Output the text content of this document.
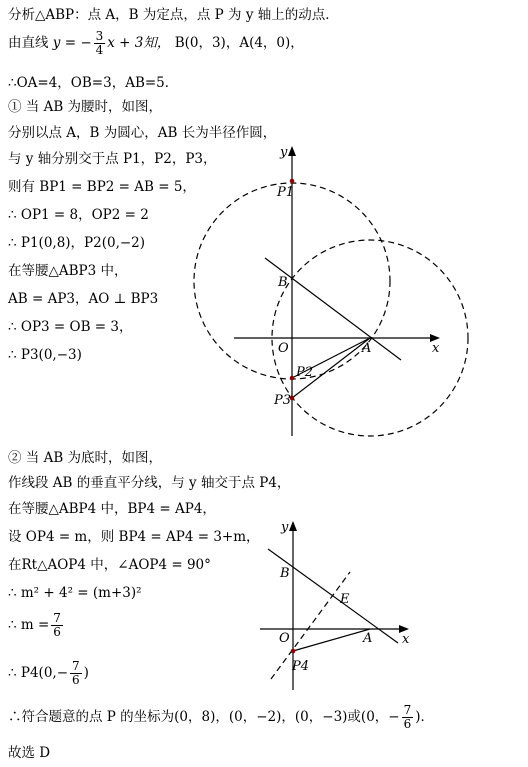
分析△ABP：点 A，B 为定点，点 P 为 y 轴上的动点．
由直线 y = − $\frac{3}{4}$ x + 3知， B(0，3)，A(4，0)，
∴OA=4，OB=3，AB=5．
① 当 AB 为腰时，如图，
分别以点 A，B 为圆心，AB 长为半径作圆，
与 y 轴分别交于点 P1，P2，P3，
则有 BP1 = BP2 = AB = 5，
∴ OP1 = 8，OP2 = 2
∴ P1(0,8)，P2(0,−2)
在等腰△ABP3 中，
AB = AP3，AO ⊥ BP3
∴ OP3 = OB = 3，
∴ P3(0,−3)	x
y
O	A
B
P1
P2
P3
② 当 AB 为底时，如图，
作线段 AB 的垂直平分线，与 y 轴交于点 P4，
在等腰△ABP4 中，BP4 = AP4，
设 OP4 = m，则 BP4 = AP4 = 3+m，
在Rt△AOP4 中，∠AOP4 = 90°
∴ m² + 4² = (m+3)²
∴ $m = \frac{7}{6}$
∴ $P4(0,- \frac{7}{6}$ )
∴符合题意的点 P 的坐标为(0，8)，(0，−2)，(0，−3)或(0，− $\frac{7}{6}$ )．
故选 D
x
y
O	A
B
E
P4
